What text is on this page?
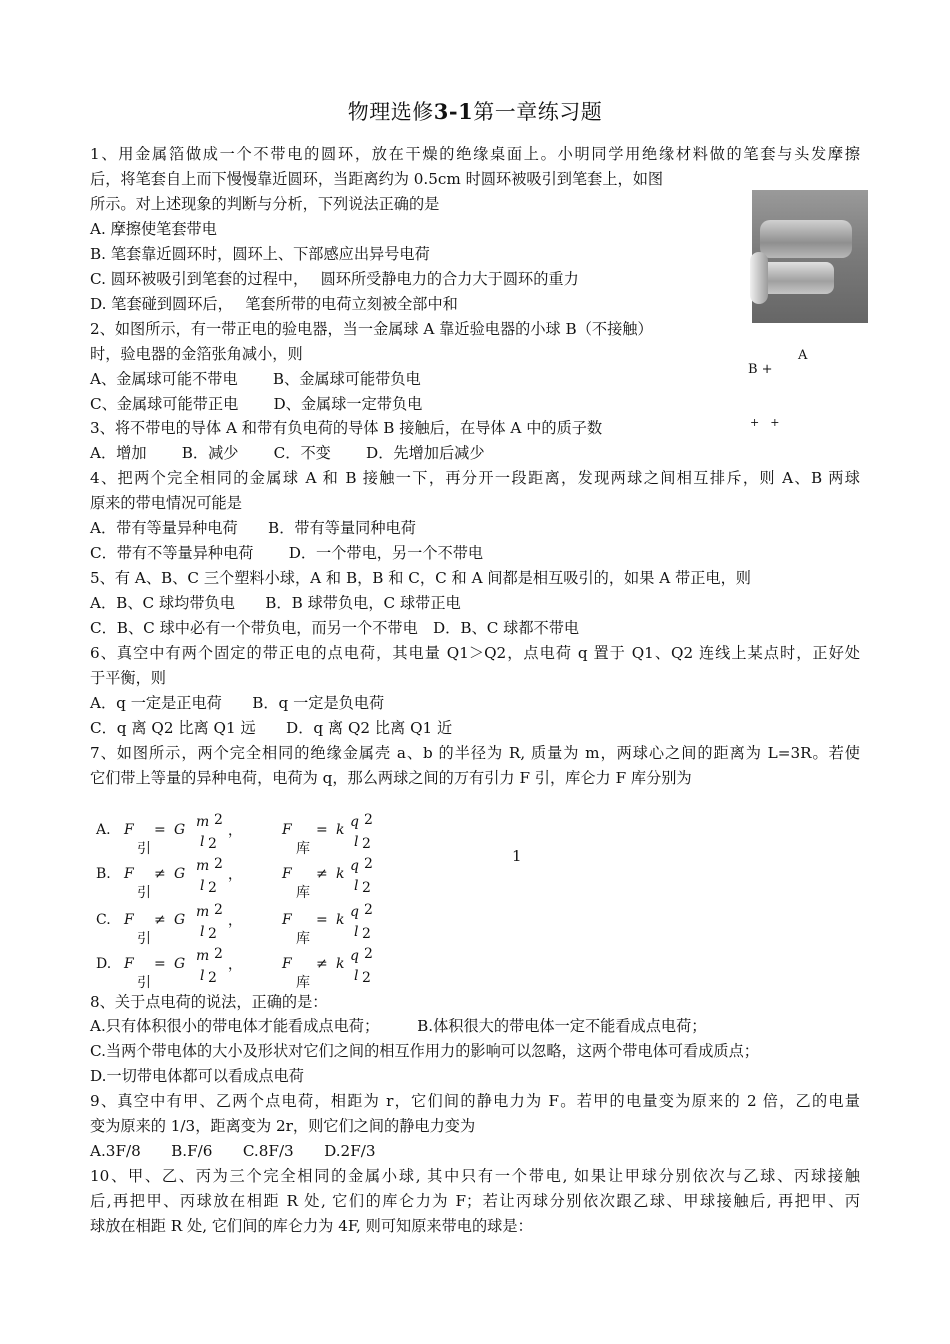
物理选修3-1第一章练习题
1、用金属箔做成一个不带电的圆环，放在干燥的绝缘桌面上。小明同学用绝缘材料做的笔套与头发摩擦
后，将笔套自上而下慢慢靠近圆环，当距离约为 0.5cm 时圆环被吸引到笔套上，如图
所示。对上述现象的判断与分析，下列说法正确的是
A. 摩擦使笔套带电
B. 笔套靠近圆环时，圆环上、下部感应出异号电荷
C. 圆环被吸引到笔套的过程中，　 圆环所受静电力的合力大于圆环的重力
D. 笔套碰到圆环后，　 笔套所带的电荷立刻被全部中和
2、如图所示，有一带正电的验电器，当一金属球 A 靠近验电器的小球 B（不接触）
时，验电器的金箔张角减小，则
A、金属球可能不带电　　 B、金属球可能带负电
C、金属球可能带正电　　 D、金属球一定带负电
A
B +
+　+
3、将不带电的导体 A 和带有负电荷的导体 B 接触后，在导体 A 中的质子数
A．增加　　 B．减少　　 C．不变　　 D．先增加后减少
4、把两个完全相同的金属球 A 和 B 接触一下，再分开一段距离，发现两球之间相互排斥，则 A、B 两球
原来的带电情况可能是
A．带有等量异种电荷　　B．带有等量同种电荷
C．带有不等量异种电荷　　 D．一个带电，另一个不带电
5、有 A、B、C 三个塑料小球，A 和 B，B 和 C，C 和 A 间都是相互吸引的，如果 A 带正电，则
A．B、C 球均带负电　　B．B 球带负电，C 球带正电
C．B、C 球中必有一个带负电，而另一个不带电　D．B、C 球都不带电
6、真空中有两个固定的带正电的点电荷，其电量 Q1＞Q2，点电荷 q 置于 Q1、Q2 连线上某点时，正好处
于平衡，则
A．q 一定是正电荷　　B．q 一定是负电荷
C．q 离 Q2 比离 Q1 远　　D．q 离 Q2 比离 Q1 近
7、如图所示，两个完全相同的绝缘金属壳 a、b 的半径为 R, 质量为 m，两球心之间的距离为 L=3R。若使
它们带上等量的异种电荷，电荷为 q，那么两球之间的万有引力 F 引，库仑力 F 库分别为
A. F
引
= G m 2
l 2
，	F
库
= k q 2
l 2
B. F
引
≠ G m 2
l 2
，	F
库
≠ k q 2
l 2
C. F
引
≠ G m 2
l 2
，	F
库
= k q 2
l 2
D. F
引
= G m 2
l 2
，	F
库
≠ k q 2
l 2
1
8、关于点电荷的说法，正确的是：
A.只有体积很小的带电体才能看成点电荷；　　　B.体积很大的带电体一定不能看成点电荷；
C.当两个带电体的大小及形状对它们之间的相互作用力的影响可以忽略，这两个带电体可看成质点；
D.一切带电体都可以看成点电荷
9、真空中有甲、乙两个点电荷，相距为 r，它们间的静电力为 F。若甲的电量变为原来的 2 倍，乙的电量
变为原来的 1/3，距离变为 2r，则它们之间的静电力变为
A.3F/8　　B.F/6　　C.8F/3　　D.2F/3
10、甲、乙、丙为三个完全相同的金属小球, 其中只有一个带电, 如果让甲球分别依次与乙球、丙球接触
后,再把甲、丙球放在相距 R 处, 它们的库仑力为 F；若让丙球分别依次跟乙球、甲球接触后, 再把甲、丙
球放在相距 R 处, 它们间的库仑力为 4F, 则可知原来带电的球是：
